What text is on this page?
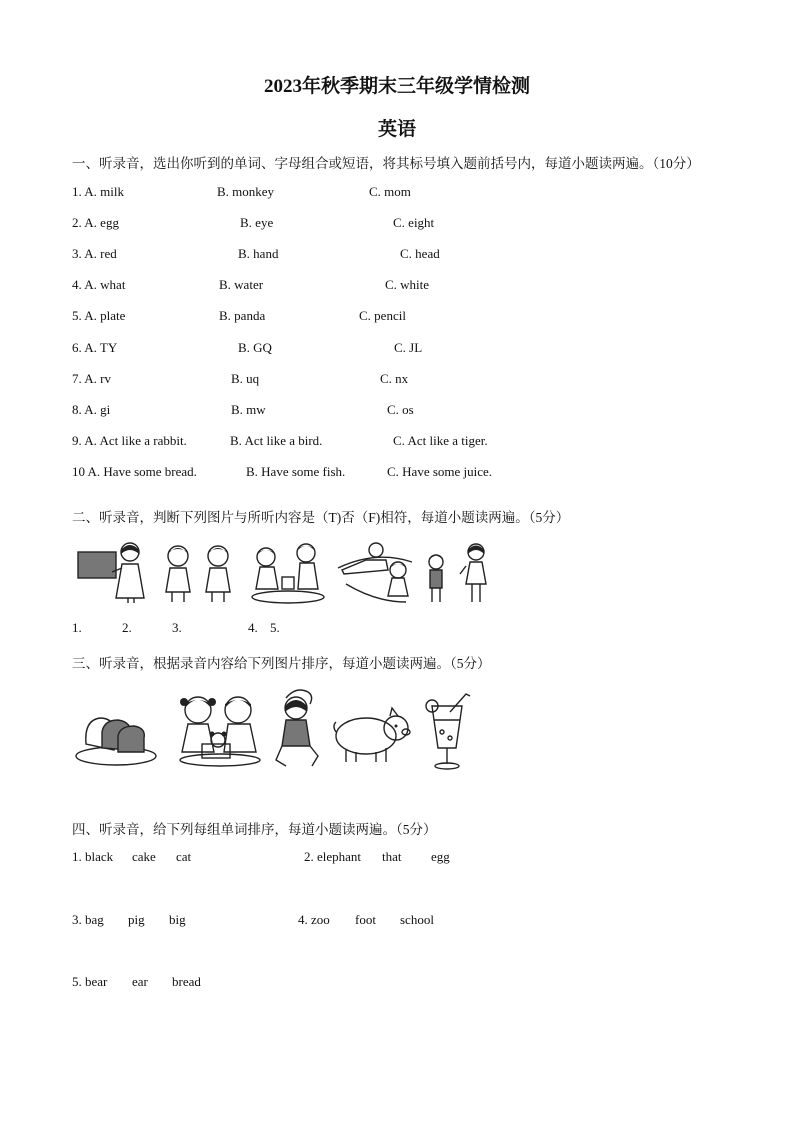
2023年秋季期末三年级学情检测
英语
一、听录音，选出你听到的单词、字母组合或短语，将其标号填入题前括号内，每道小题读两遍。（10分）
1. A. milk	B. monkey	C. mom
2. A. egg	B. eye	C. eight
3. A. red	B. hand	C. head
4. A. what	B. water	C. white
5. A. plate	B. panda	C. pencil
6. A. TY	B. GQ	C. JL
7. A. rv	B. uq	C. nx
8. A. gi	B. mw	C. os
9. A. Act like a rabbit.	B. Act like a bird.	C. Act like a tiger.
10 A. Have some bread.	B. Have some fish.	C. Have some juice.
二、听录音，判断下列图片与所听内容是（T)否（F)相符，每道小题读两遍。（5分）
1.	2.	3.	4. 5.
三、听录音，根据录音内容给下列图片排序，每道小题读两遍。（5分）
四、听录音，给下列每组单词排序，每道小题读两遍。（5分）
1. black cake cat	2. elephant that egg
3. bag pig big	4. zoo foot school
5. bear ear bread
